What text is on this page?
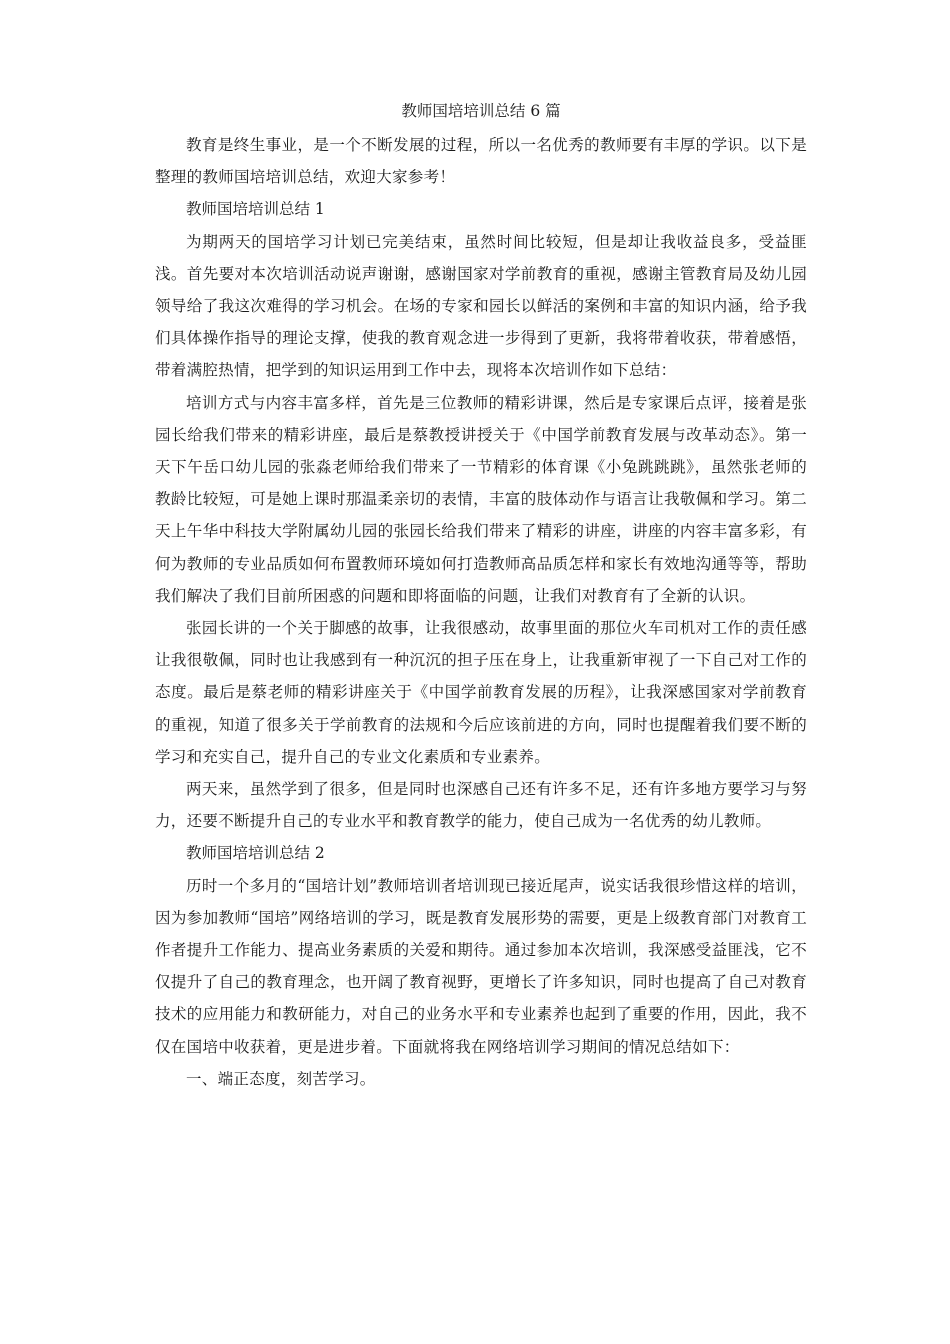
教师国培培训总结 6 篇

教育是终生事业，是一个不断发展的过程，所以一名优秀的教师要有丰厚的学识。以下是整理的教师国培培训总结，欢迎大家参考！

教师国培培训总结 1

为期两天的国培学习计划已完美结束，虽然时间比较短，但是却让我收益良多，受益匪浅。首先要对本次培训活动说声谢谢，感谢国家对学前教育的重视，感谢主管教育局及幼儿园领导给了我这次难得的学习机会。在场的专家和园长以鲜活的案例和丰富的知识内涵，给予我们具体操作指导的理论支撑，使我的教育观念进一步得到了更新，我将带着收获，带着感悟，带着满腔热情，把学到的知识运用到工作中去，现将本次培训作如下总结：

培训方式与内容丰富多样，首先是三位教师的精彩讲课，然后是专家课后点评，接着是张园长给我们带来的精彩讲座，最后是蔡教授讲授关于《中国学前教育发展与改革动态》。第一天下午岳口幼儿园的张淼老师给我们带来了一节精彩的体育课《小兔跳跳跳》，虽然张老师的教龄比较短，可是她上课时那温柔亲切的表情，丰富的肢体动作与语言让我敬佩和学习。第二天上午华中科技大学附属幼儿园的张园长给我们带来了精彩的讲座，讲座的内容丰富多彩，有何为教师的专业品质如何布置教师环境如何打造教师高品质怎样和家长有效地沟通等等，帮助我们解决了我们目前所困惑的问题和即将面临的问题，让我们对教育有了全新的认识。

张园长讲的一个关于脚感的故事，让我很感动，故事里面的那位火车司机对工作的责任感让我很敬佩，同时也让我感到有一种沉沉的担子压在身上，让我重新审视了一下自己对工作的态度。最后是蔡老师的精彩讲座关于《中国学前教育发展的历程》，让我深感国家对学前教育的重视，知道了很多关于学前教育的法规和今后应该前进的方向，同时也提醒着我们要不断的学习和充实自己，提升自己的专业文化素质和专业素养。

两天来，虽然学到了很多，但是同时也深感自己还有许多不足，还有许多地方要学习与努力，还要不断提升自己的专业水平和教育教学的能力，使自己成为一名优秀的幼儿教师。

教师国培培训总结 2

历时一个多月的“国培计划”教师培训者培训现已接近尾声，说实话我很珍惜这样的培训，因为参加教师“国培”网络培训的学习，既是教育发展形势的需要，更是上级教育部门对教育工作者提升工作能力、提高业务素质的关爱和期待。通过参加本次培训，我深感受益匪浅，它不仅提升了自己的教育理念，也开阔了教育视野，更增长了许多知识，同时也提高了自己对教育技术的应用能力和教研能力，对自己的业务水平和专业素养也起到了重要的作用，因此，我不仅在国培中收获着，更是进步着。下面就将我在网络培训学习期间的情况总结如下：

一、端正态度，刻苦学习。
